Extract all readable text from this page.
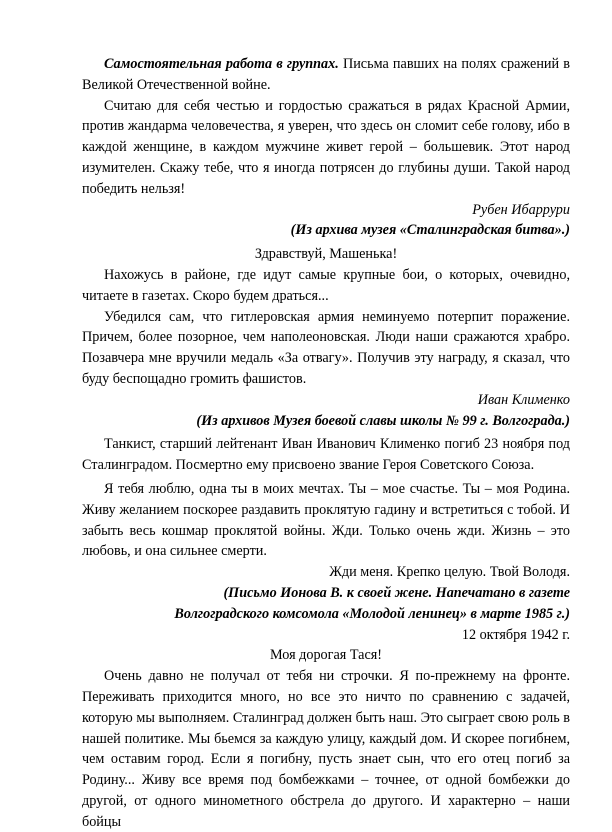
Самостоятельная работа в группах. Письма павших на полях сражений в Великой Отечественной войне.

Считаю для себя честью и гордостью сражаться в рядах Красной Армии, против жандарма человечества, я уверен, что здесь он сломит себе голову, ибо в каждой женщине, в каждом мужчине живет герой – большевик. Этот народ изумителен. Скажу тебе, что я иногда потрясен до глубины души. Такой народ победить нельзя!

Рубен Ибаррури

(Из архива музея «Сталинградская битва».)

Здравствуй, Машенька!

Нахожусь в районе, где идут самые крупные бои, о которых, очевидно, читаете в газетах. Скоро будем драться...

Убедился сам, что гитлеровская армия неминуемо потерпит поражение. Причем, более позорное, чем наполеоновская. Люди наши сражаются храбро. Позавчера мне вручили медаль «За отвагу». Получив эту награду, я сказал, что буду беспощадно громить фашистов.

Иван Клименко

(Из архивов Музея боевой славы школы № 99 г. Волгограда.)

Танкист, старший лейтенант Иван Иванович Клименко погиб 23 ноября под Сталинградом. Посмертно ему присвоено звание Героя Советского Союза.

Я тебя люблю, одна ты в моих мечтах. Ты – мое счастье. Ты – моя Родина. Живу желанием поскорее раздавить проклятую гадину и встретиться с тобой. И забыть весь кошмар проклятой войны. Жди. Только очень жди. Жизнь – это любовь, и она сильнее смерти.

Жди меня. Крепко целую. Твой Володя.

(Письмо Ионова В. к своей жене. Напечатано в газете

Волгоградского комсомола «Молодой ленинец» в марте 1985 г.)

12 октября 1942 г.

Моя дорогая Тася!

Очень давно не получал от тебя ни строчки. Я по-прежнему на фронте. Переживать приходится много, но все это ничто по сравнению с задачей, которую мы выполняем. Сталинград должен быть наш. Это сыграет свою роль в нашей политике. Мы бьемся за каждую улицу, каждый дом. И скорее погибнем, чем оставим город. Если я погибну, пусть знает сын, что его отец погиб за Родину... Живу все время под бомбежками – точнее, от одной бомбежки до другой, от одного минометного обстрела до другого. И характерно – наши бойцы
